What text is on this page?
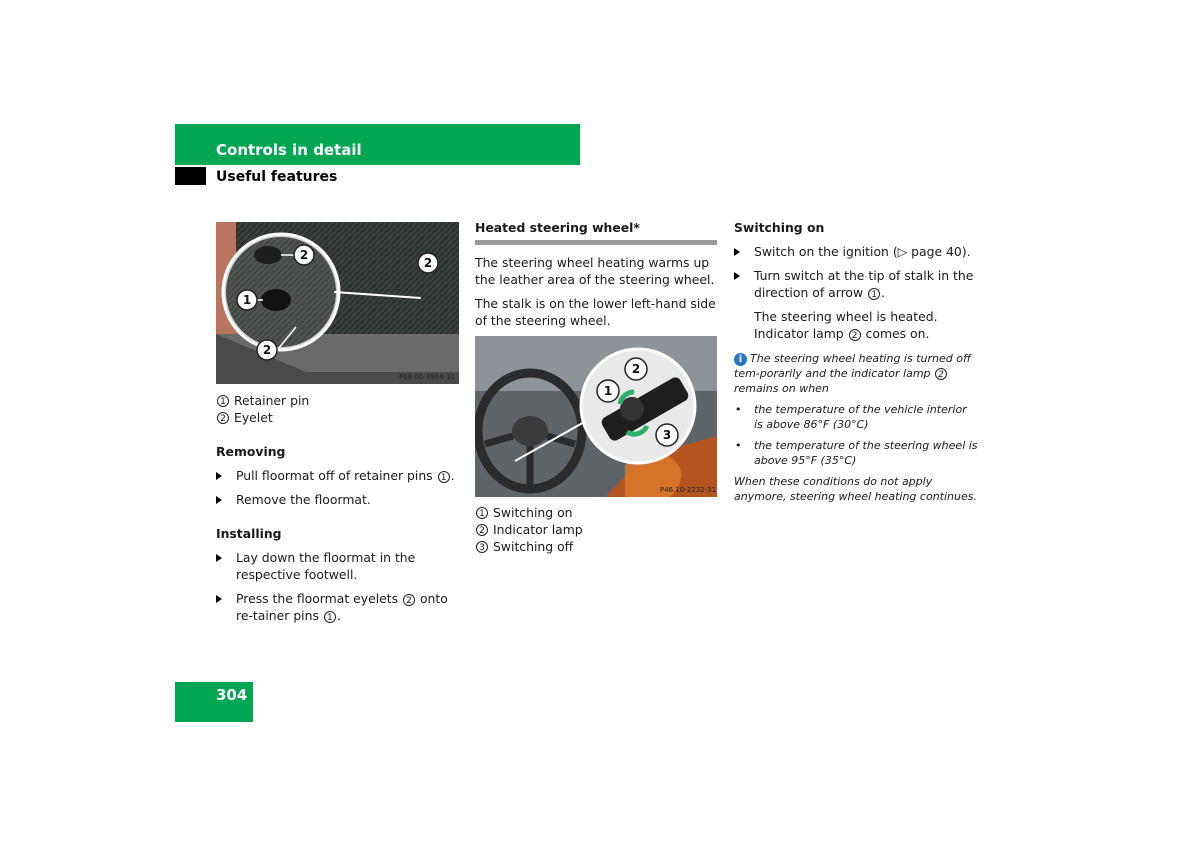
Controls in detail
Useful features
1
2
2
2
P68.00-3964-31
1 Retainer pin
2 Eyelet

Removing

Pull floormat off of retainer pins 1 .

Remove the floormat.

Installing

Lay down the floormat in the respective footwell.

Press the floormat eyelets 2 onto re-tainer pins 1 .

Heated steering wheel*

The steering wheel heating warms up the leather area of the steering wheel.

The stalk is on the lower left-hand side of the steering wheel.

1
2
3
P46.10-2232-31
1 Switching on
2 Indicator lamp
3 Switching off

Switching on

Switch on the ignition (▷ page 40).

Turn switch at the tip of stalk in the direction of arrow 1 .

The steering wheel is heated. Indicator lamp 2 comes on.

i The steering wheel heating is turned off tem-porarily and the indicator lamp 2 remains on when

• the temperature of the vehicle interior is above 86°F (30°C)

• the temperature of the steering wheel is above 95°F (35°C)

When these conditions do not apply anymore, steering wheel heating continues.

304
